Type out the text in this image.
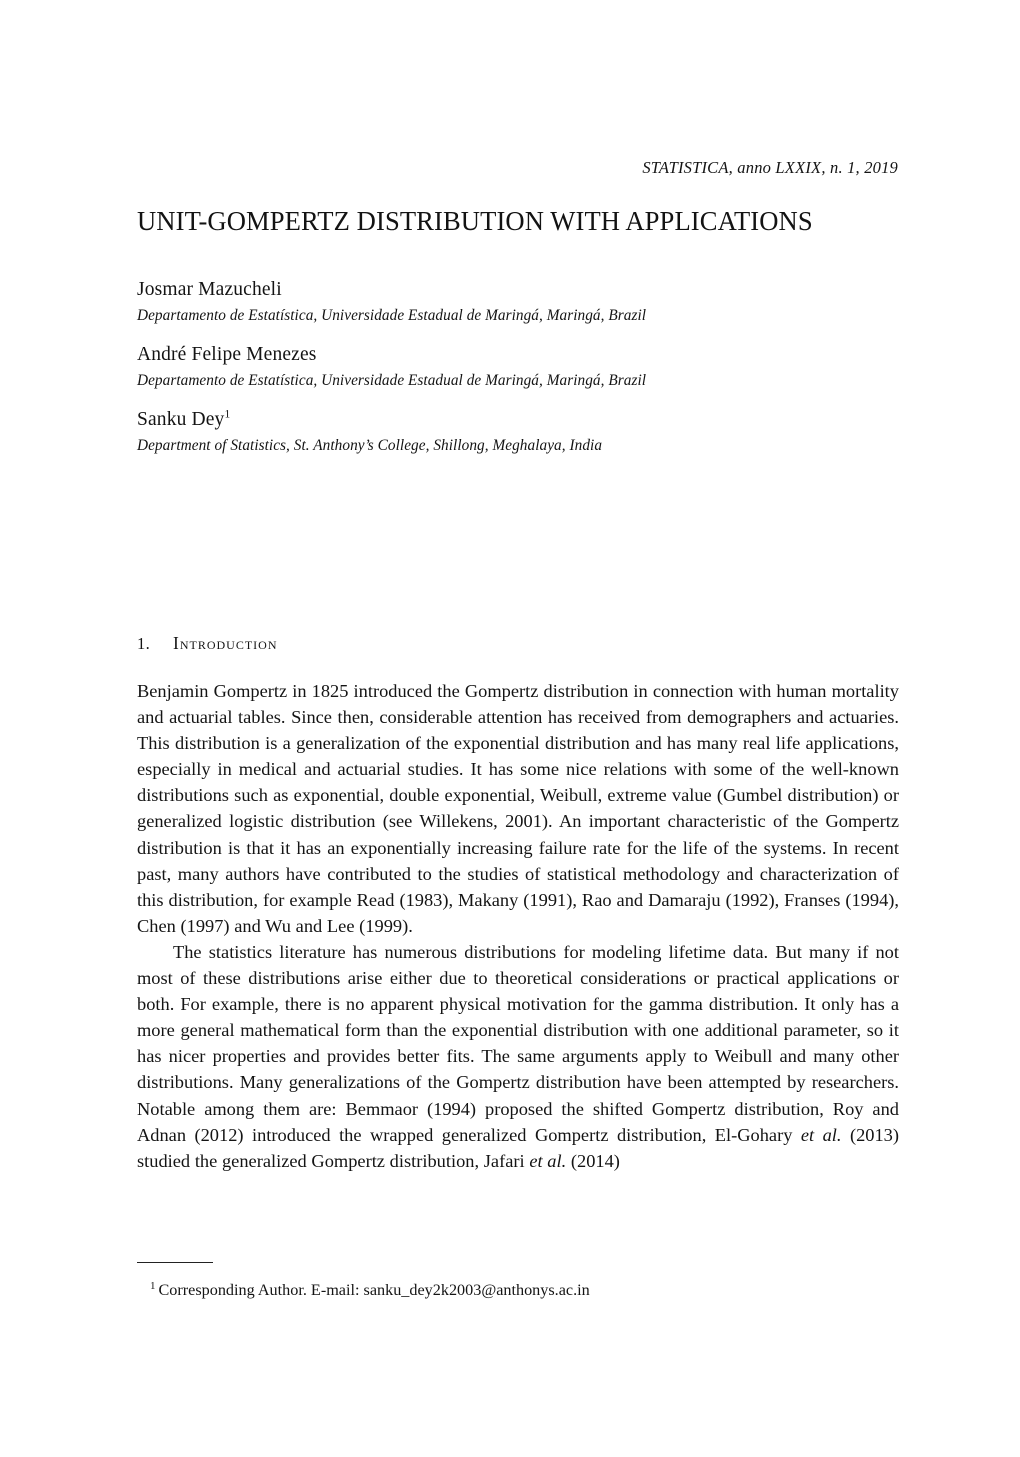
STATISTICA, anno LXXIX, n. 1, 2019
UNIT-GOMPERTZ DISTRIBUTION WITH APPLICATIONS
Josmar Mazucheli
Departamento de Estatística, Universidade Estadual de Maringá, Maringá, Brazil
André Felipe Menezes
Departamento de Estatística, Universidade Estadual de Maringá, Maringá, Brazil
Sanku Dey$^1$
Department of Statistics, St. Anthony’s College, Shillong, Meghalaya, India
1. Introduction

Benjamin Gompertz in 1825 introduced the Gompertz distribution in connection with human mortality and actuarial tables. Since then, considerable attention has received from demographers and actuaries. This distribution is a generalization of the exponential distribution and has many real life applications, especially in medical and actuarial studies. It has some nice relations with some of the well-known distributions such as exponential, double exponential, Weibull, extreme value (Gumbel distribution) or generalized logistic distribution (see Willekens, 2001). An important characteristic of the Gompertz distribution is that it has an exponentially increasing failure rate for the life of the systems. In recent past, many authors have contributed to the studies of statistical methodology and characterization of this distribution, for example Read (1983), Makany (1991), Rao and Damaraju (1992), Franses (1994), Chen (1997) and Wu and Lee (1999).

The statistics literature has numerous distributions for modeling lifetime data. But many if not most of these distributions arise either due to theoretical considerations or practical applications or both. For example, there is no apparent physical motivation for the gamma distribution. It only has a more general mathematical form than the exponential distribution with one additional parameter, so it has nicer properties and provides better fits. The same arguments apply to Weibull and many other distributions. Many generalizations of the Gompertz distribution have been attempted by researchers. Notable among them are: Bemmaor (1994) proposed the shifted Gompertz distribution, Roy and Adnan (2012) introduced the wrapped generalized Gompertz distribution, El-Gohary et al. (2013) studied the generalized Gompertz distribution, Jafari et al. (2014)

$^1$ Corresponding Author. E-mail: sanku_dey2k2003@anthonys.ac.in
